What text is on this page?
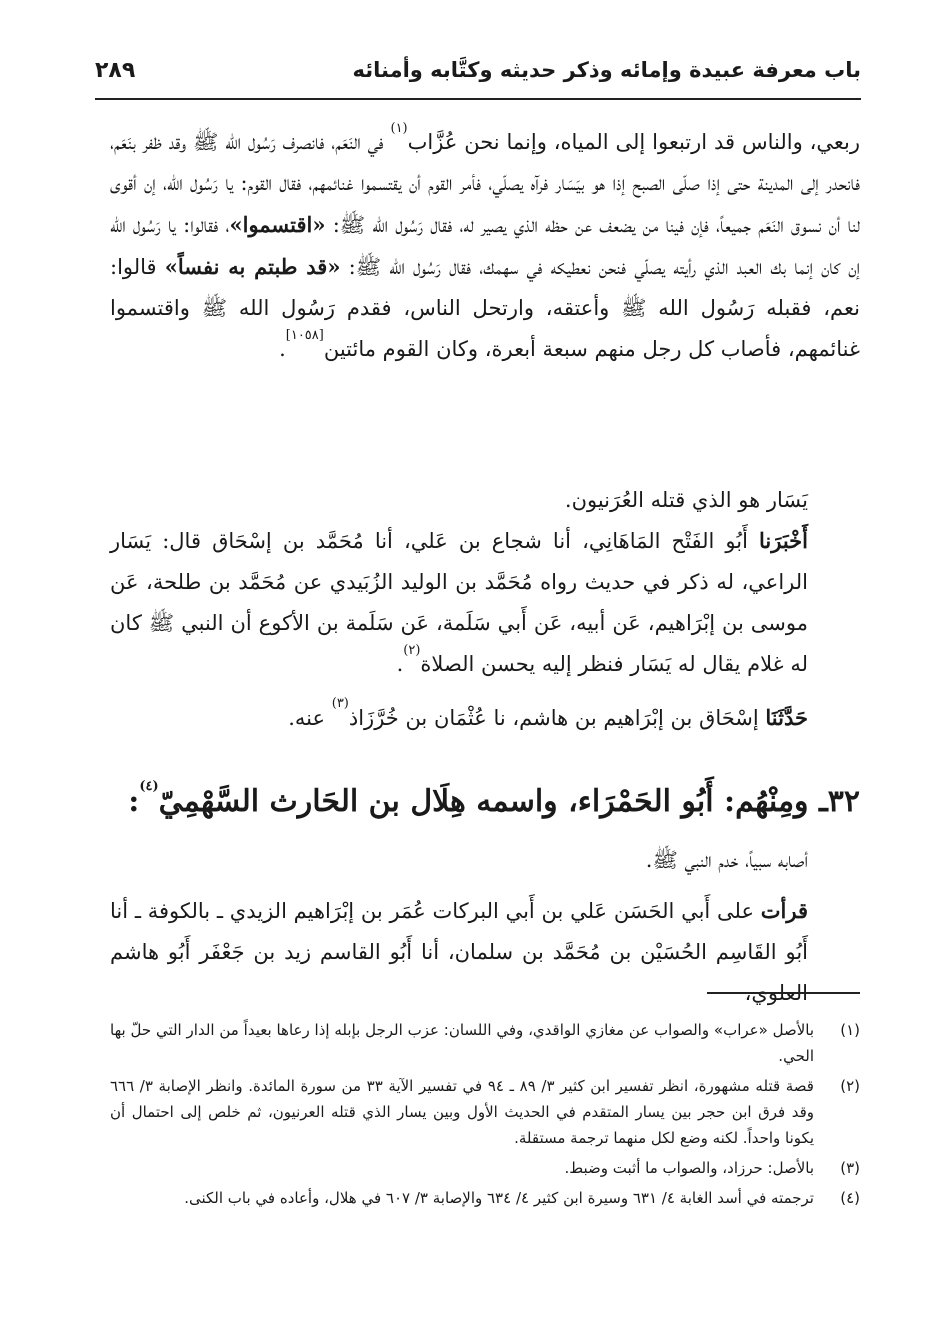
باب معرفة عبيدة وإمائه وذكر حديثه وكتَّابه وأمنائه
٢٨٩

ربعي، والناس قد ارتبعوا إلى المياه، وإنما نحن عُزَّاب$^{(١)}$ في النَعَم، فانصرف رَسُول الله ﷺ وقد ظفر بنَعَم، فانحدر إلى المدينة حتى إذا صلّى الصبح إذا هو بيَسَار فرآه يصلّي، فأمر القوم أن يقتسموا غنائمهم، فقال القوم: يا رَسُول الله، إن أقوى لنا أن نسوق النَعَم جميعاً، فإن فينا من يضعف عن حظه الذي يصير له، فقال رَسُول الله ﷺ: «اقتسموا»، فقالوا: يا رَسُول الله إن كان إنما بك العبد الذي رأيته يصلّي فنحن نعطيكه في سهمك، فقال رَسُول الله ﷺ: «قد طبتم به نفساً» قالوا: نعم، فقبله رَسُول الله ﷺ وأعتقه، وارتحل الناس، فقدم رَسُول الله ﷺ واقتسموا غنائمهم، فأصاب كل رجل منهم سبعة أبعرة، وكان القوم مائتين[١٠٥٨].

يَسَار هو الذي قتله العُرَنيون.

أَخْبَرَنا أَبُو الفَتْح المَاهَانِي، أنا شجاع بن عَلي، أنا مُحَمَّد بن إسْحَاق قال: يَسَار الراعي، له ذكر في حديث رواه مُحَمَّد بن الوليد الزُبَيدي عن مُحَمَّد بن طلحة، عَن موسى بن إبْرَاهيم، عَن أبيه، عَن أَبي سَلَمة، عَن سَلَمة بن الأكوع أن النبي ﷺ كان له غلام يقال له يَسَار فنظر إليه يحسن الصلاة$^{(٢)}$.

حَدَّثَنَا إسْحَاق بن إبْرَاهيم بن هاشم، نا عُثْمَان بن خُرَّزَاذ$^{(٣)}$ عنه.

٣٢ـ ومِنْهُم: أَبُو الحَمْرَاء، واسمه هِلَال بن الحَارث السَّهْمِيّ$^{(٤)}$:

أصابه سبياً، خدم النبي ﷺ.

قرأت على أَبي الحَسَن عَلي بن أَبي البركات عُمَر بن إبْرَاهيم الزيدي ـ بالكوفة ـ أنا أَبُو القَاسِم الحُسَيْن بن مُحَمَّد بن سلمان، أنا أَبُو القاسم زيد بن جَعْفَر أَبُو هاشم العلوي،

(١)
بالأصل «عراب» والصواب عن مغازي الواقدي، وفي اللسان: عزب الرجل بإبله إذا رعاها بعيداً من الدار التي حلّ بها الحي.
(٢)
قصة قتله مشهورة، انظر تفسير ابن كثير ٣/ ٨٩ ـ ٩٤ في تفسير الآية ٣٣ من سورة المائدة. وانظر الإصابة ٣/ ٦٦٦ وقد فرق ابن حجر بين يسار المتقدم في الحديث الأول وبين يسار الذي قتله العرنيون، ثم خلص إلى احتمال أن يكونا واحداً. لكنه وضع لكل منهما ترجمة مستقلة.
(٣)
بالأصل: حرزاد، والصواب ما أثبت وضبط.
(٤)
ترجمته في أسد الغابة ٤/ ٦٣١ وسيرة ابن كثير ٤/ ٦٣٤ والإصابة ٣/ ٦٠٧ في هلال، وأعاده في باب الكنى.
